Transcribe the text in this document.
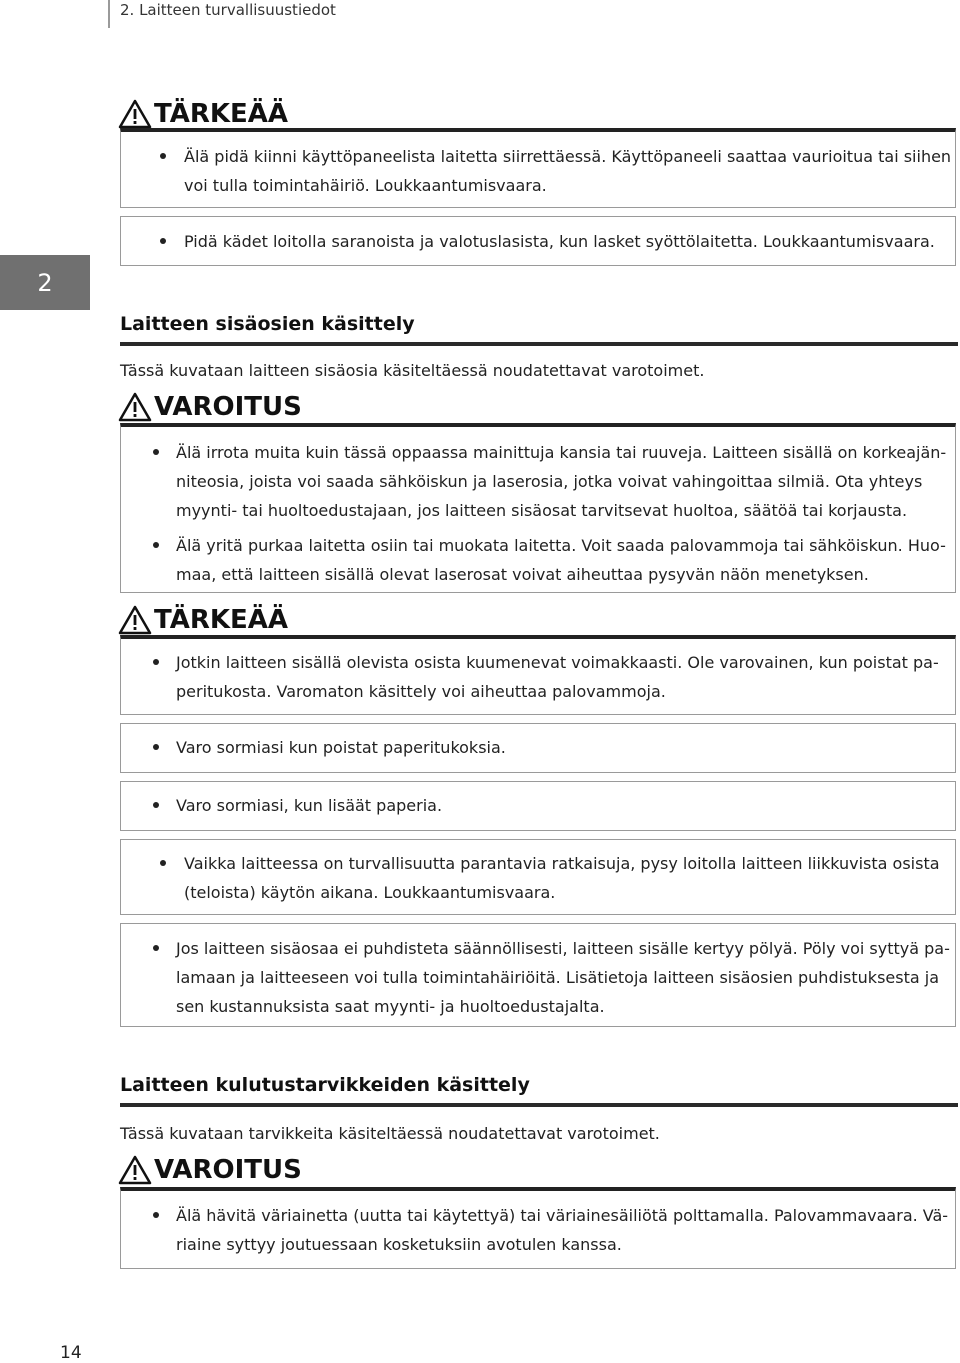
2. Laitteen turvallisuustiedot
2
TÄRKEÄÄ
Älä pidä kiinni käyttöpaneelista laitetta siirrettäessä. Käyttöpaneeli saattaa vaurioitua tai siihen
voi tulla toimintahäiriö. Loukkaantumisvaara.
Pidä kädet loitolla saranoista ja valotuslasista, kun lasket syöttölaitetta. Loukkaantumisvaara.
Laitteen sisäosien käsittely
Tässä kuvataan laitteen sisäosia käsiteltäessä noudatettavat varotoimet.
VAROITUS
Älä irrota muita kuin tässä oppaassa mainittuja kansia tai ruuveja. Laitteen sisällä on korkeajän-
niteosia, joista voi saada sähköiskun ja laserosia, jotka voivat vahingoittaa silmiä. Ota yhteys
myynti- tai huoltoedustajaan, jos laitteen sisäosat tarvitsevat huoltoa, säätöä tai korjausta.
Älä yritä purkaa laitetta osiin tai muokata laitetta. Voit saada palovammoja tai sähköiskun. Huo-
maa, että laitteen sisällä olevat laserosat voivat aiheuttaa pysyvän näön menetyksen.
TÄRKEÄÄ
Jotkin laitteen sisällä olevista osista kuumenevat voimakkaasti. Ole varovainen, kun poistat pa-
peritukosta. Varomaton käsittely voi aiheuttaa palovammoja.
Varo sormiasi kun poistat paperitukoksia.
Varo sormiasi, kun lisäät paperia.
Vaikka laitteessa on turvallisuutta parantavia ratkaisuja, pysy loitolla laitteen liikkuvista osista
(teloista) käytön aikana. Loukkaantumisvaara.
Jos laitteen sisäosaa ei puhdisteta säännöllisesti, laitteen sisälle kertyy pölyä. Pöly voi syttyä pa-
lamaan ja laitteeseen voi tulla toimintahäiriöitä. Lisätietoja laitteen sisäosien puhdistuksesta ja
sen kustannuksista saat myynti- ja huoltoedustajalta.
Laitteen kulutustarvikkeiden käsittely
Tässä kuvataan tarvikkeita käsiteltäessä noudatettavat varotoimet.
VAROITUS
Älä hävitä väriainetta (uutta tai käytettyä) tai väriainesäiliötä polttamalla. Palovammavaara. Vä-
riaine syttyy joutuessaan kosketuksiin avotulen kanssa.
14
